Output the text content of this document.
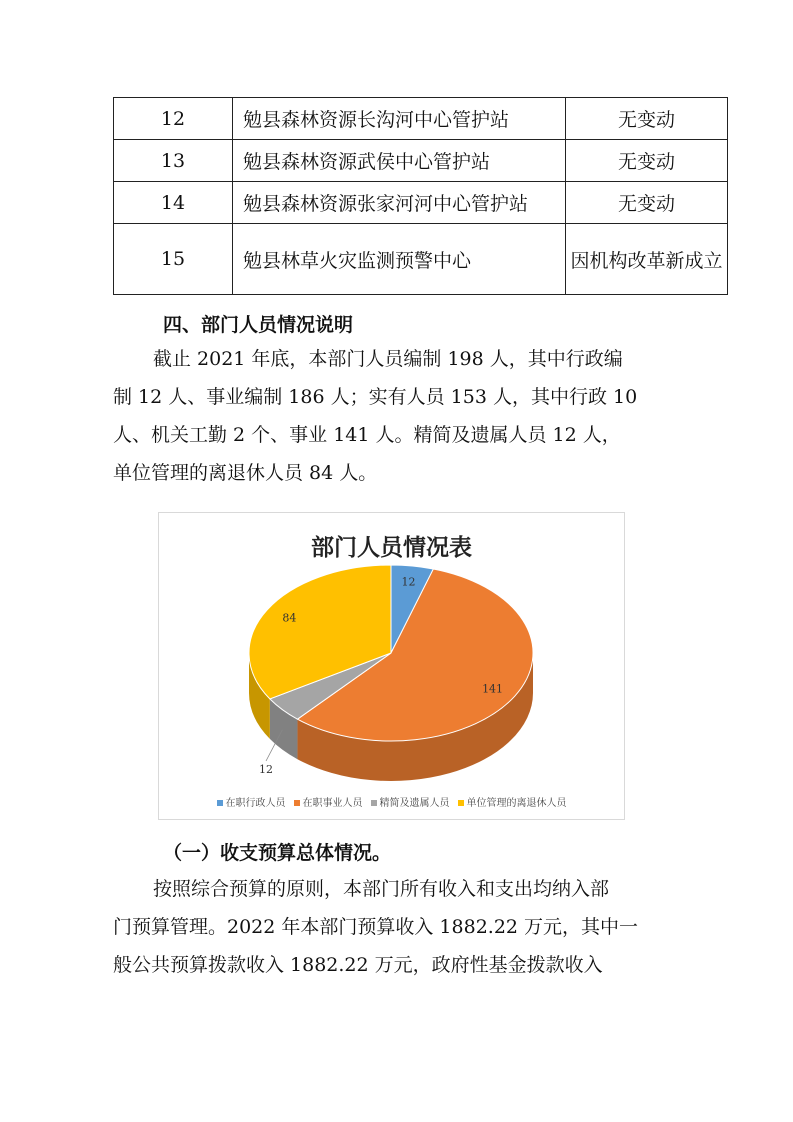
12	勉县森林资源长沟河中心管护站	无变动
13	勉县森林资源武侯中心管护站	无变动
14	勉县森林资源张家河河中心管护站	无变动
15	勉县林草火灾监测预警中心	因机构改革新成立
四、部门人员情况说明
截止 2021 年底，本部门人员编制 198 人，其中行政编
制 12 人、事业编制 186 人；实有人员 153 人，其中行政 10
人、机关工勤 2 个、事业 141 人。精简及遗属人员 12 人，
单位管理的离退休人员 84 人。
部门人员情况表
12
141
12
84
在职行政人员 在职事业人员 精简及遗属人员 单位管理的离退休人员
（一）收支预算总体情况。
按照综合预算的原则，本部门所有收入和支出均纳入部
门预算管理。2022 年本部门预算收入 1882.22 万元，其中一
般公共预算拨款收入 1882.22 万元，政府性基金拨款收入
